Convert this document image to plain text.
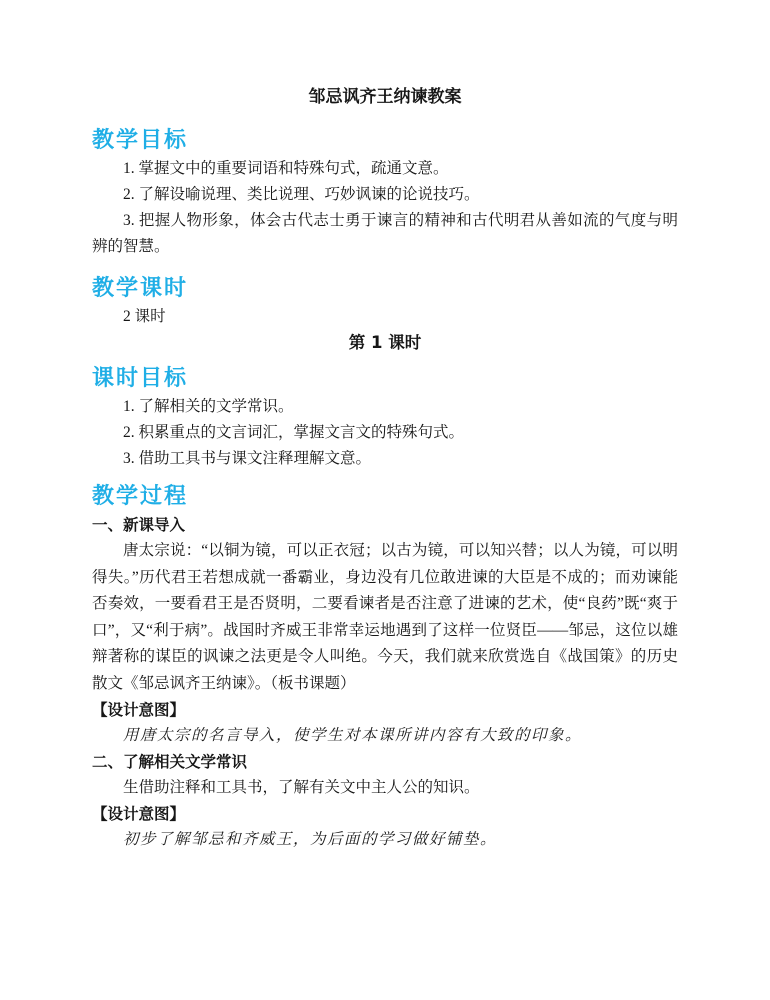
邹忌讽齐王纳谏教案

教学目标

1. 掌握文中的重要词语和特殊句式，疏通文意。

2. 了解设喻说理、类比说理、巧妙讽谏的论说技巧。

3. 把握人物形象，体会古代志士勇于谏言的精神和古代明君从善如流的气度与明辨的智慧。

教学课时

2 课时

第 1 课时

课时目标

1. 了解相关的文学常识。

2. 积累重点的文言词汇，掌握文言文的特殊句式。

3. 借助工具书与课文注释理解文意。

教学过程

一、新课导入

唐太宗说：“以铜为镜，可以正衣冠；以古为镜，可以知兴替；以人为镜，可以明得失。”历代君王若想成就一番霸业，身边没有几位敢进谏的大臣是不成的；而劝谏能否奏效，一要看君王是否贤明，二要看谏者是否注意了进谏的艺术，使“良药”既“爽于口”，又“利于病”。战国时齐威王非常幸运地遇到了这样一位贤臣——邹忌，这位以雄辩著称的谋臣的讽谏之法更是令人叫绝。今天，我们就来欣赏选自《战国策》的历史散文《邹忌讽齐王纳谏》。（板书课题）

【设计意图】

用唐太宗的名言导入，使学生对本课所讲内容有大致的印象。

二、了解相关文学常识

生借助注释和工具书，了解有关文中主人公的知识。

【设计意图】

初步了解邹忌和齐威王，为后面的学习做好铺垫。
